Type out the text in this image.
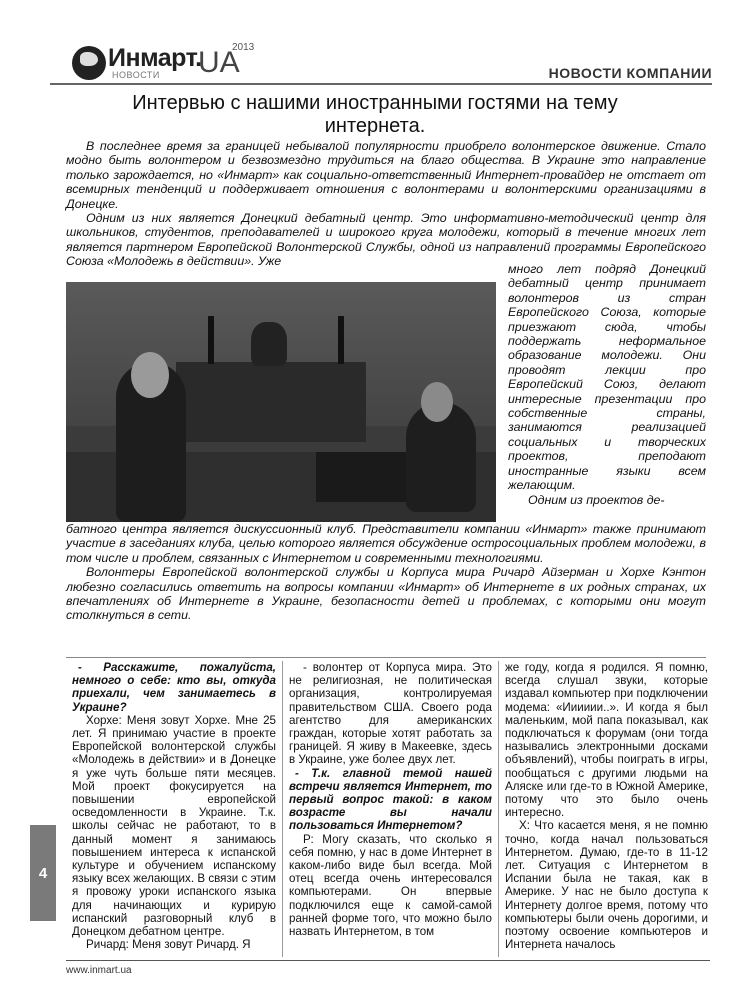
Инмарт.
UA
2013
НОВОСТИ	НОВОСТИ КОМПАНИИ
Интервью с нашими иностранными гостями на тему интернета.

В последнее время за границей небывалой популярности приобрело волонтерское движение. Стало модно быть волонтером и безвозмездно трудиться на благо общества. В Украине это направление только зарождается, но «Инмарт» как социально-ответственный Интернет-провайдер не отстает от всемирных тенденций и поддерживает отношения с волонтерами и волонтерскими организациями в Донецке.

Одним из них является Донецкий дебатный центр. Это информативно-методический центр для школьников, студентов, преподавателей и широкого круга молодежи, который в течение многих лет является партнером Европейской Волонтерской Службы, одной из направлений программы Европейского Союза «Молодежь в действии». Уже

много лет подряд Донецкий дебатный центр принимает волонтеров из стран Европейского Союза, которые приезжают сюда, чтобы поддержать неформальное образование молодежи. Они проводят лекции про Европейский Союз, делают интересные презентации про собственные страны, занимаются реализацией социальных и творческих проектов, преподают иностранные языки всем желающим.

Одним из проектов де-

батного центра является дискуссионный клуб. Представители компании «Инмарт» также принимают участие в заседаниях клуба, целью которого является обсуждение остросоциальных проблем молодежи, в том числе и проблем, связанных с Интернетом и современными технологиями.

Волонтеры Европейской волонтерской службы и Корпуса мира Ричард Айзерман и Хорхе Кэнтон любезно согласились ответить на вопросы компании «Инмарт» об Интернете в их родных странах, их впечатлениях об Интернете в Украине, безопасности детей и проблемах, с которыми они могут столкнуться в сети.

- Расскажите, пожалуйста, немного о себе: кто вы, откуда приехали, чем занимаетесь в Украине?

Хорхе: Меня зовут Хорхе. Мне 25 лет. Я принимаю участие в проекте Европейской волонтерской службы «Молодежь в действии» и в Донецке я уже чуть больше пяти месяцев. Мой проект фокусируется на повышении европейской осведомленности в Украине. Т.к. школы сейчас не работают, то в данный момент я занимаюсь повышением интереса к испанской культуре и обучением испанскому языку всех желающих. В связи с этим я провожу уроки испанского языка для начинающих и курирую испанский разговорный клуб в Донецком дебатном центре.

Ричард: Меня зовут Ричард. Я

- волонтер от Корпуса мира. Это не религиозная, не политическая организация, контролируемая правительством США. Своего рода агентство для американских граждан, которые хотят работать за границей. Я живу в Макеевке, здесь в Украине, уже более двух лет.

- Т.к. главной темой нашей встречи является Интернет, то первый вопрос такой: в каком возрасте вы начали пользоваться Интернетом?

Р: Могу сказать, что сколько я себя помню, у нас в доме Интернет в каком-либо виде был всегда. Мой отец всегда очень интересовался компьютерами. Он впервые подключился еще к самой-самой ранней форме того, что можно было назвать Интернетом, в том

же году, когда я родился. Я помню, всегда слушал звуки, которые издавал компьютер при подключении модема: «Ииииии..». И когда я был маленьким, мой папа показывал, как подключаться к форумам (они тогда назывались электронными досками объявлений), чтобы поиграть в игры, пообщаться с другими людьми на Аляске или где-то в Южной Америке, потому что это было очень интересно.

Х: Что касается меня, я не помню точно, когда начал пользоваться Интернетом. Думаю, где-то в 11-12 лет. Ситуация с Интернетом в Испании была не такая, как в Америке. У нас не было доступа к Интернету долгое время, потому что компьютеры были очень дорогими, и поэтому освоение компьютеров и Интернета началось

4
www.inmart.ua
